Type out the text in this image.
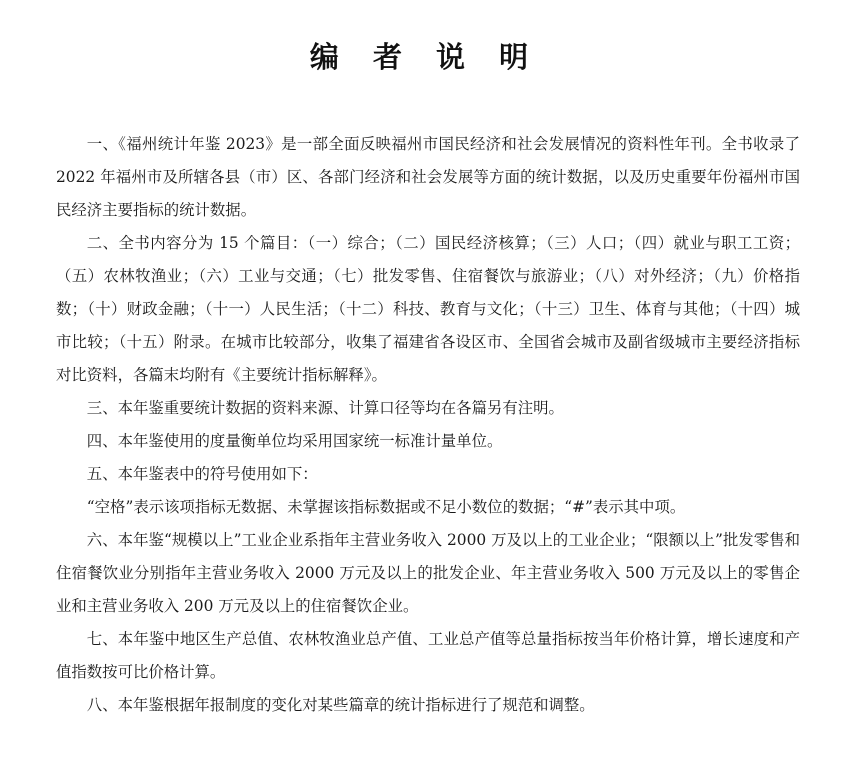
编 者 说 明

一、《福州统计年鉴 2023》是一部全面反映福州市国民经济和社会发展情况的资料性年刊。全书收录了 2022 年福州市及所辖各县（市）区、各部门经济和社会发展等方面的统计数据，以及历史重要年份福州市国民经济主要指标的统计数据。

二、全书内容分为 15 个篇目：（一）综合；（二）国民经济核算；（三）人口；（四）就业与职工工资；（五）农林牧渔业；（六）工业与交通；（七）批发零售、住宿餐饮与旅游业；（八）对外经济；（九）价格指数；（十）财政金融；（十一）人民生活；（十二）科技、教育与文化；（十三）卫生、体育与其他；（十四）城市比较；（十五）附录。在城市比较部分，收集了福建省各设区市、全国省会城市及副省级城市主要经济指标对比资料，各篇末均附有《主要统计指标解释》。

三、本年鉴重要统计数据的资料来源、计算口径等均在各篇另有注明。

四、本年鉴使用的度量衡单位均采用国家统一标准计量单位。

五、本年鉴表中的符号使用如下：

“空格”表示该项指标无数据、未掌握该指标数据或不足小数位的数据；“#”表示其中项。

六、本年鉴“规模以上”工业企业系指年主营业务收入 2000 万及以上的工业企业；“限额以上”批发零售和住宿餐饮业分别指年主营业务收入 2000 万元及以上的批发企业、年主营业务收入 500 万元及以上的零售企业和主营业务收入 200 万元及以上的住宿餐饮企业。

七、本年鉴中地区生产总值、农林牧渔业总产值、工业总产值等总量指标按当年价格计算，增长速度和产值指数按可比价格计算。

八、本年鉴根据年报制度的变化对某些篇章的统计指标进行了规范和调整。
